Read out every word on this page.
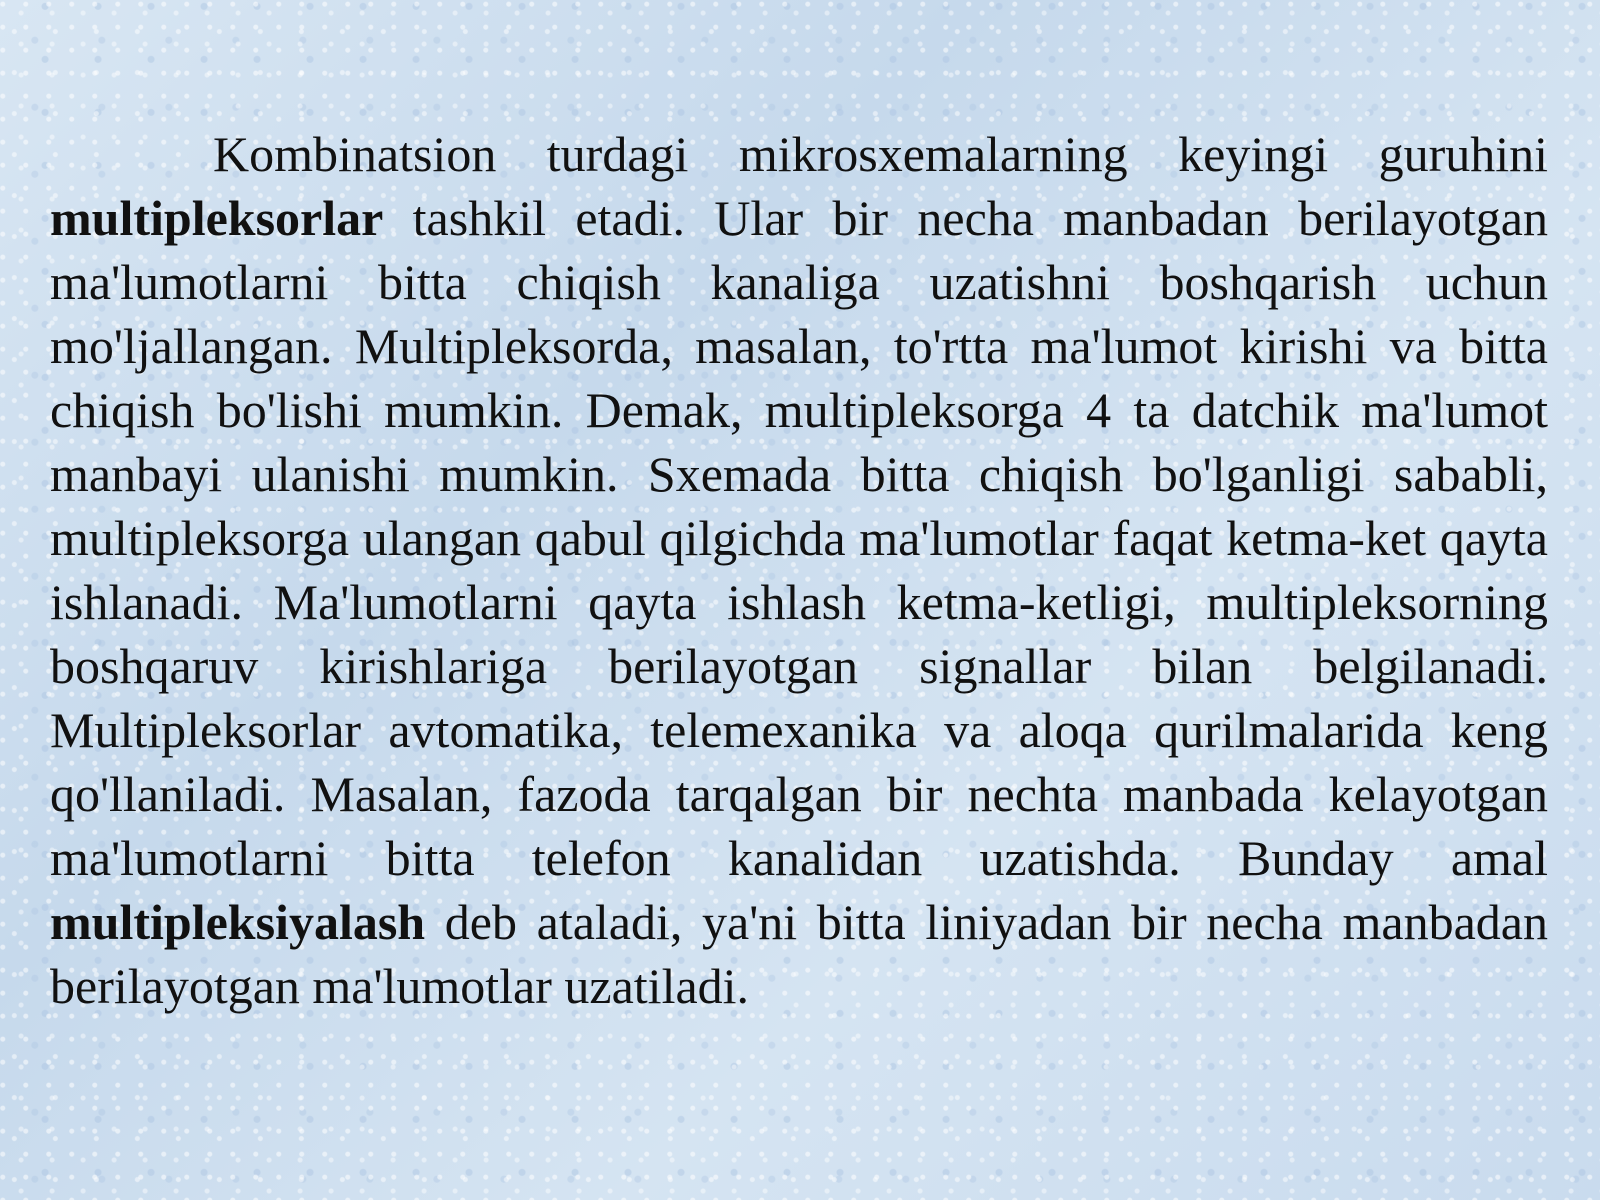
Kombinatsion turdagi mikrosxemalarning keyingi guruhini multipleksorlar tashkil etadi. Ular bir necha manbadan berilayotgan ma'lumotlarni bitta chiqish kanaliga uzatishni boshqarish uchun mo'ljallangan. Multipleksorda, masalan, to'rtta ma'lumot kirishi va bitta chiqish bo'lishi mumkin. Demak, multipleksorga 4 ta datchik ma'lumot manbayi ulanishi mumkin. Sxemada bitta chiqish bo'lganligi sababli, multipleksorga ulangan qabul qilgichda ma'lumotlar faqat ketma-ket qayta ishlanadi. Ma'lumotlarni qayta ishlash ketma-ketligi, multipleksorning boshqaruv kirishlariga berilayotgan signallar bilan belgilanadi. Multipleksorlar avtomatika, telemexanika va aloqa qurilmalarida keng qo'llaniladi. Masalan, fazoda tarqalgan bir nechta manbada kelayotgan ma'lumotlarni bitta telefon kanalidan uzatishda. Bunday amal multipleksiyalash deb ataladi, ya'ni bitta liniyadan bir necha manbadan berilayotgan ma'lumotlar uzatiladi.
